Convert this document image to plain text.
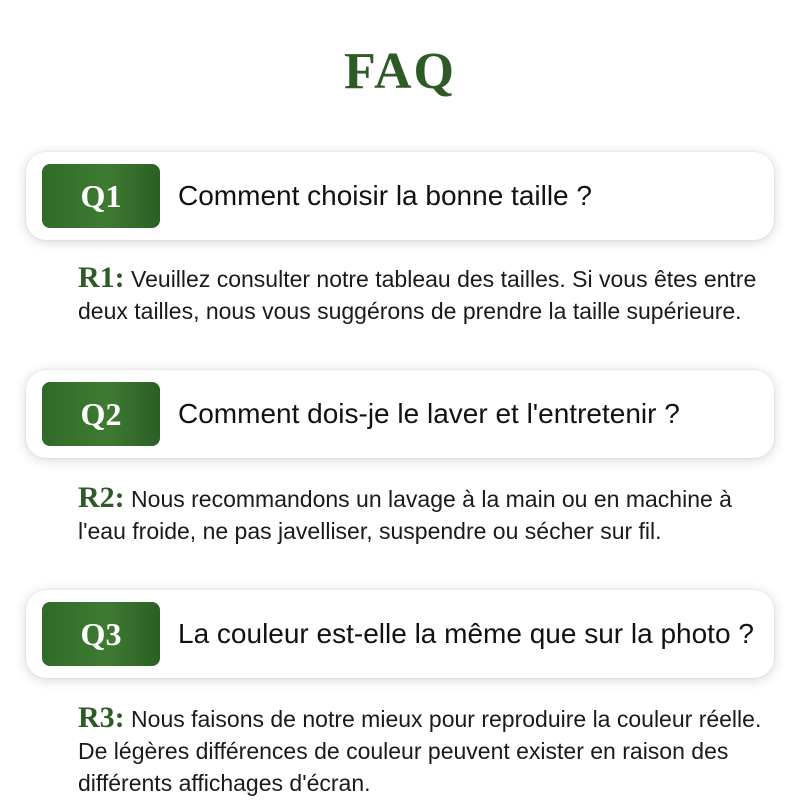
FAQ
Q1	Comment choisir la bonne taille ?
R1: Veuillez consulter notre tableau des tailles. Si vous êtes entre deux tailles, nous vous suggérons de prendre la taille supérieure.
Q2	Comment dois-je le laver et l'entretenir ?
R2: Nous recommandons un lavage à la main ou en machine à l'eau froide, ne pas javelliser, suspendre ou sécher sur fil.
Q3	La couleur est-elle la même que sur la photo ?
R3: Nous faisons de notre mieux pour reproduire la couleur réelle. De légères différences de couleur peuvent exister en raison des différents affichages d'écran.
